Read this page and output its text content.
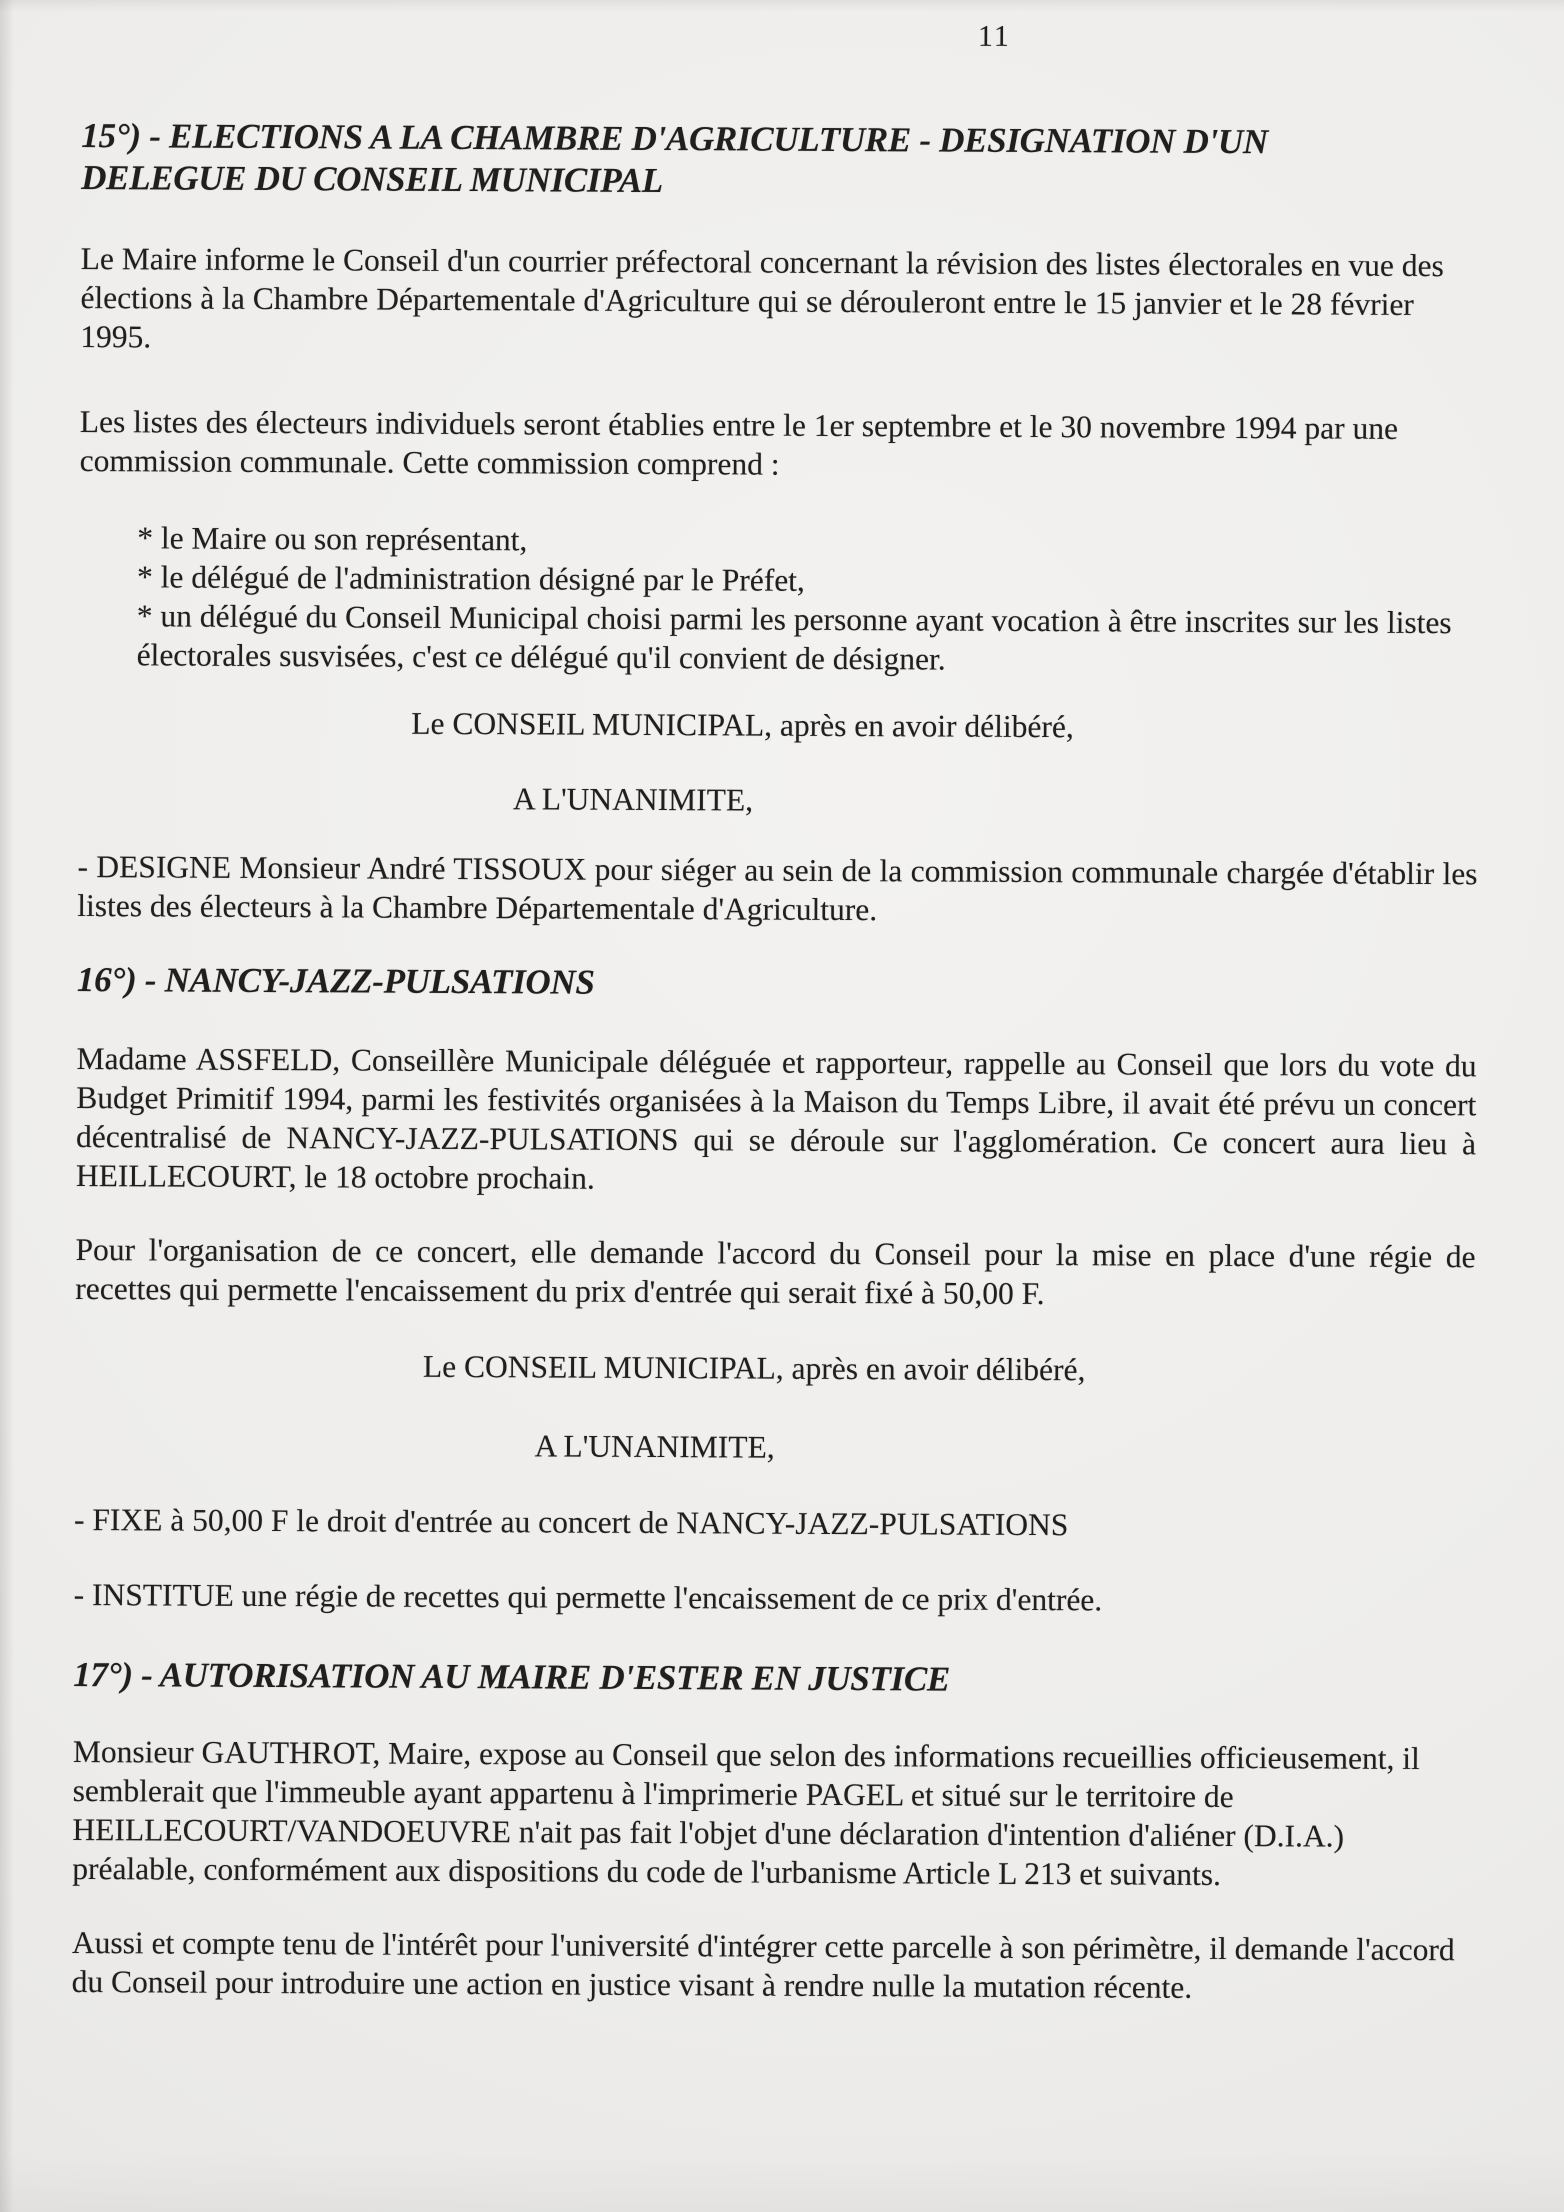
11
15°) - ELECTIONS A LA CHAMBRE D'AGRICULTURE - DESIGNATION D'UN
DELEGUE DU CONSEIL MUNICIPAL

Le Maire informe le Conseil d'un courrier préfectoral concernant la révision des listes électorales en vue des élections à la Chambre Départementale d'Agriculture qui se dérouleront entre le 15 janvier et le 28 février 1995.

Les listes des électeurs individuels seront établies entre le 1er septembre et le 30 novembre 1994 par une commission communale. Cette commission comprend :

* le Maire ou son représentant,

* le délégué de l'administration désigné par le Préfet,

* un délégué du Conseil Municipal choisi parmi les personne ayant vocation à être inscrites sur les listes électorales susvisées, c'est ce délégué qu'il convient de désigner.

Le CONSEIL MUNICIPAL, après en avoir délibéré,

A L'UNANIMITE,

- DESIGNE Monsieur André TISSOUX pour siéger au sein de la commission communale chargée d'établir les listes des électeurs à la Chambre Départementale d'Agriculture.

16°) - NANCY-JAZZ-PULSATIONS

Madame ASSFELD, Conseillère Municipale déléguée et rapporteur, rappelle au Conseil que lors du vote du Budget Primitif 1994, parmi les festivités organisées à la Maison du Temps Libre, il avait été prévu un concert décentralisé de NANCY-JAZZ-PULSATIONS qui se déroule sur l'agglomération. Ce concert aura lieu à HEILLECOURT, le 18 octobre prochain.

Pour l'organisation de ce concert, elle demande l'accord du Conseil pour la mise en place d'une régie de recettes qui permette l'encaissement du prix d'entrée qui serait fixé à 50,00 F.

Le CONSEIL MUNICIPAL, après en avoir délibéré,

A L'UNANIMITE,

- FIXE à 50,00 F le droit d'entrée au concert de NANCY-JAZZ-PULSATIONS

- INSTITUE une régie de recettes qui permette l'encaissement de ce prix d'entrée.

17°) - AUTORISATION AU MAIRE D'ESTER EN JUSTICE

Monsieur GAUTHROT, Maire, expose au Conseil que selon des informations recueillies officieusement, il semblerait que l'immeuble ayant appartenu à l'imprimerie PAGEL et situé sur le territoire de HEILLECOURT/VANDOEUVRE n'ait pas fait l'objet d'une déclaration d'intention d'aliéner (D.I.A.) préalable, conformément aux dispositions du code de l'urbanisme Article L 213 et suivants.

Aussi et compte tenu de l'intérêt pour l'université d'intégrer cette parcelle à son périmètre, il demande l'accord du Conseil pour introduire une action en justice visant à rendre nulle la mutation récente.
